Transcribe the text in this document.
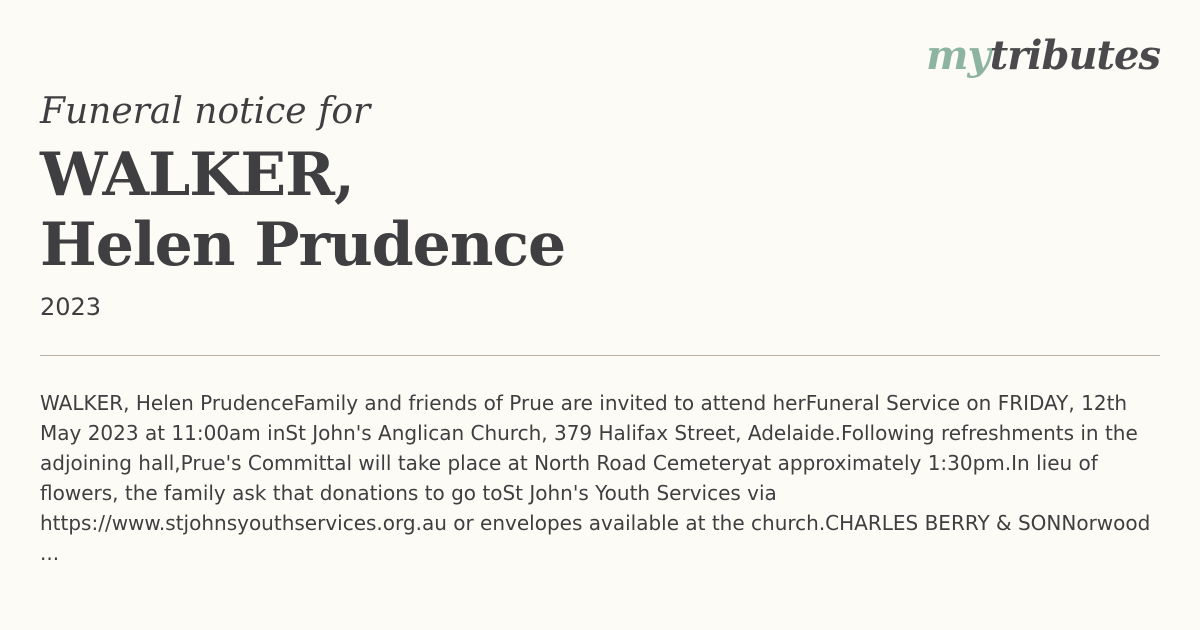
mytributes

Funeral notice for

WALKER,
Helen Prudence
2023

WALKER, Helen PrudenceFamily and friends of Prue are invited to attend herFuneral Service on FRIDAY, 12th May 2023 at 11:00am inSt John's Anglican Church, 379 Halifax Street, Adelaide.Following refreshments in the adjoining hall,Prue's Committal will take place at North Road Cemeteryat approximately 1:30pm.In lieu of flowers, the family ask that donations to go toSt John's Youth Services via https://www.stjohnsyouthservices.org.au or envelopes available at the church.CHARLES BERRY & SONNorwood
...
